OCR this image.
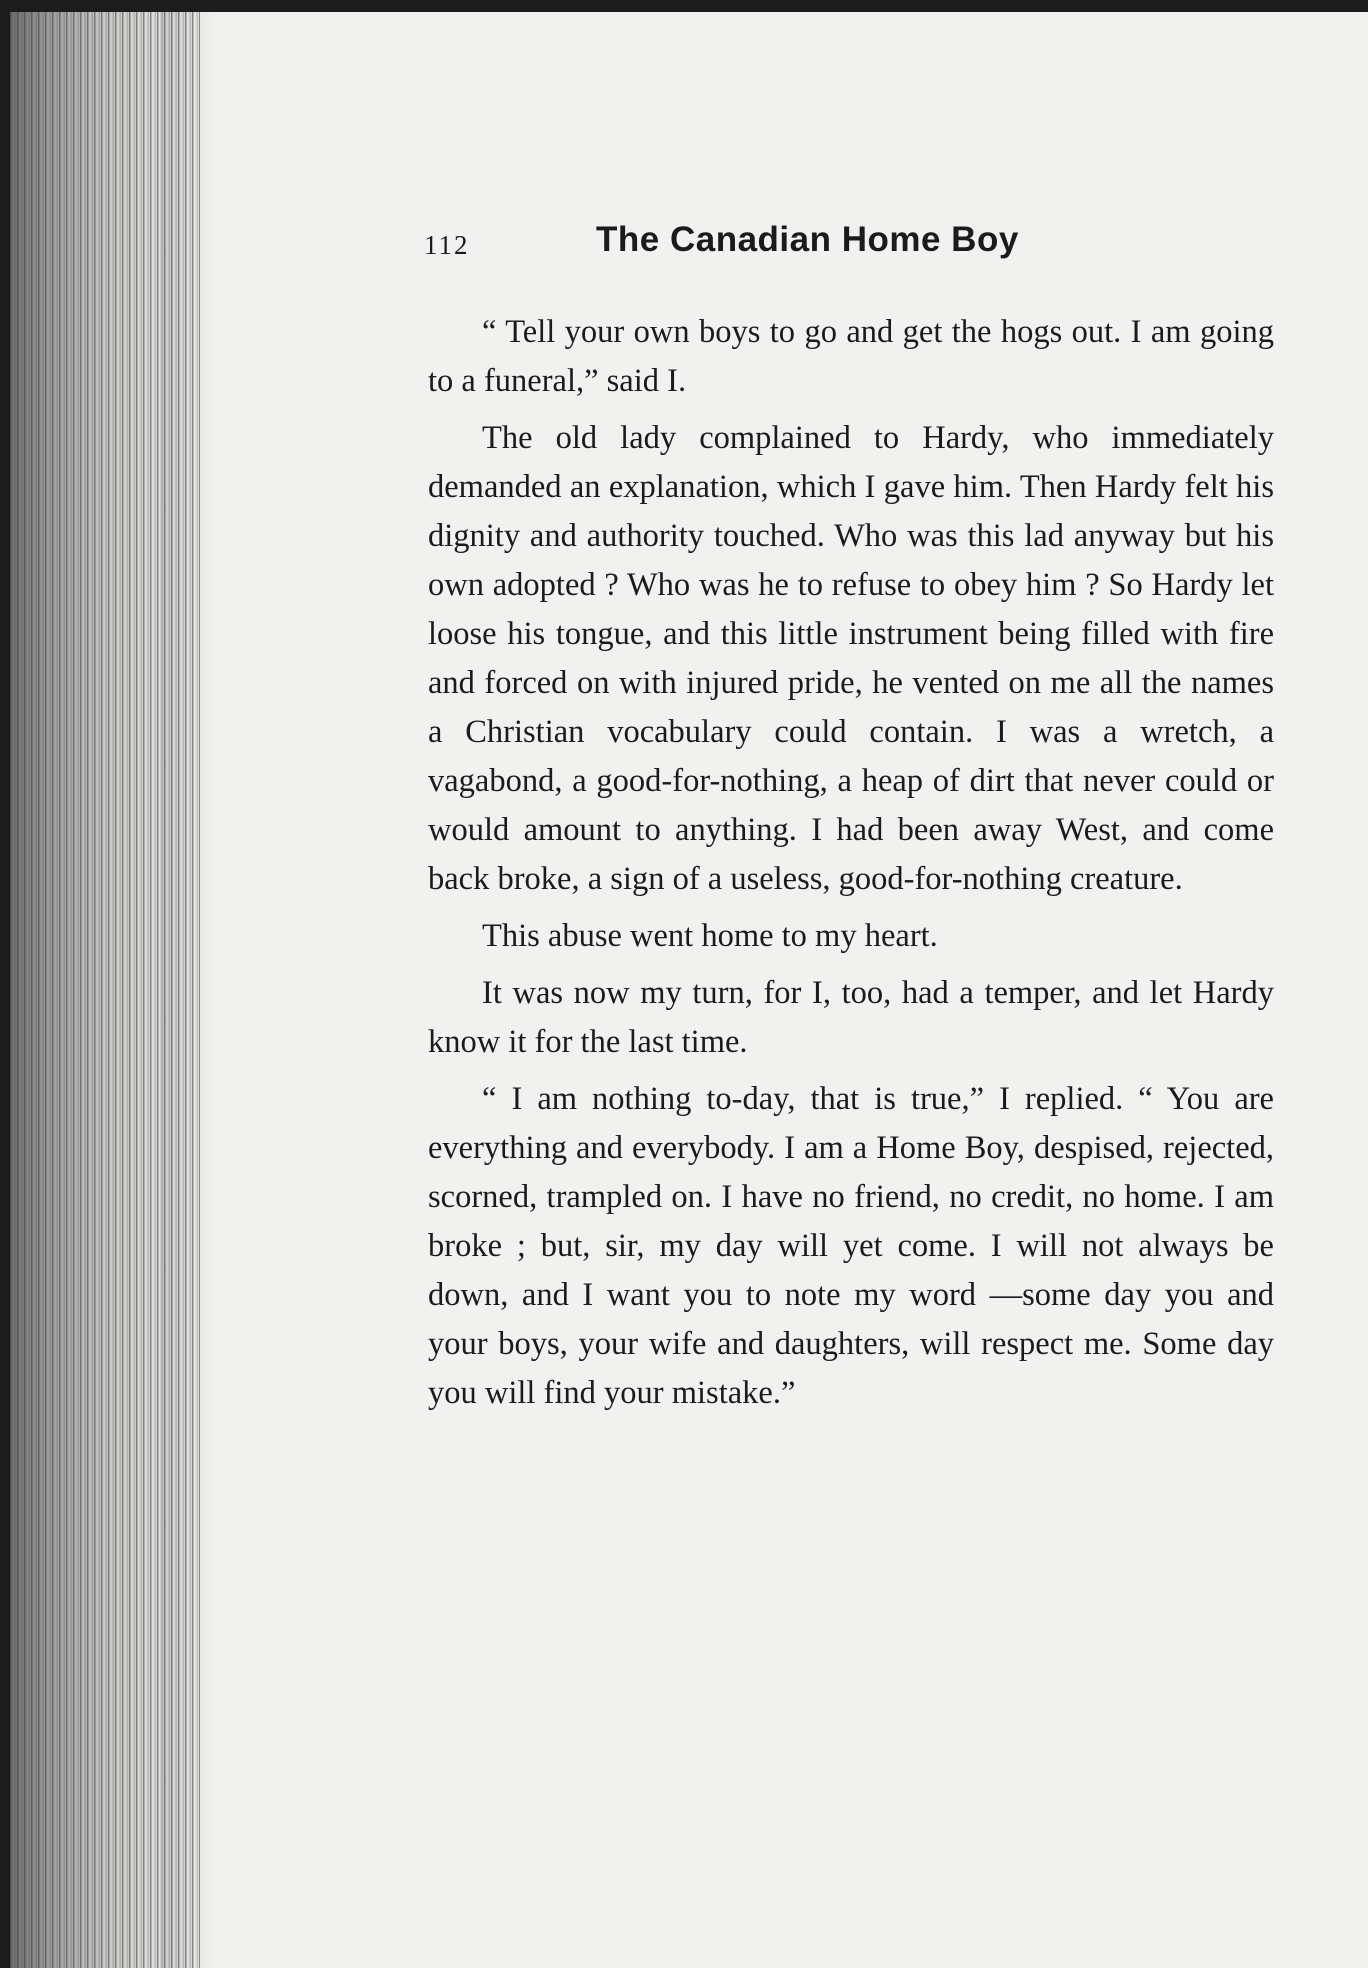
112	The Canadian Home Boy

“ Tell your own boys to go and get the hogs out. I am going to a funeral,” said I.

The old lady complained to Hardy, who immediately demanded an explanation, which I gave him. Then Hardy felt his dignity and authority touched. Who was this lad anyway but his own adopted ? Who was he to refuse to obey him ? So Hardy let loose his tongue, and this little instrument being filled with fire and forced on with injured pride, he vented on me all the names a Christian vocabulary could contain. I was a wretch, a vagabond, a good-for-nothing, a heap of dirt that never could or would amount to anything. I had been away West, and come back broke, a sign of a useless, good-for-nothing creature.

This abuse went home to my heart.

It was now my turn, for I, too, had a temper, and let Hardy know it for the last time.

“ I am nothing to-day, that is true,” I replied. “ You are everything and everybody. I am a Home Boy, despised, rejected, scorned, trampled on. I have no friend, no credit, no home. I am broke ; but, sir, my day will yet come. I will not always be down, and I want you to note my word —some day you and your boys, your wife and daughters, will respect me. Some day you will find your mistake.”
